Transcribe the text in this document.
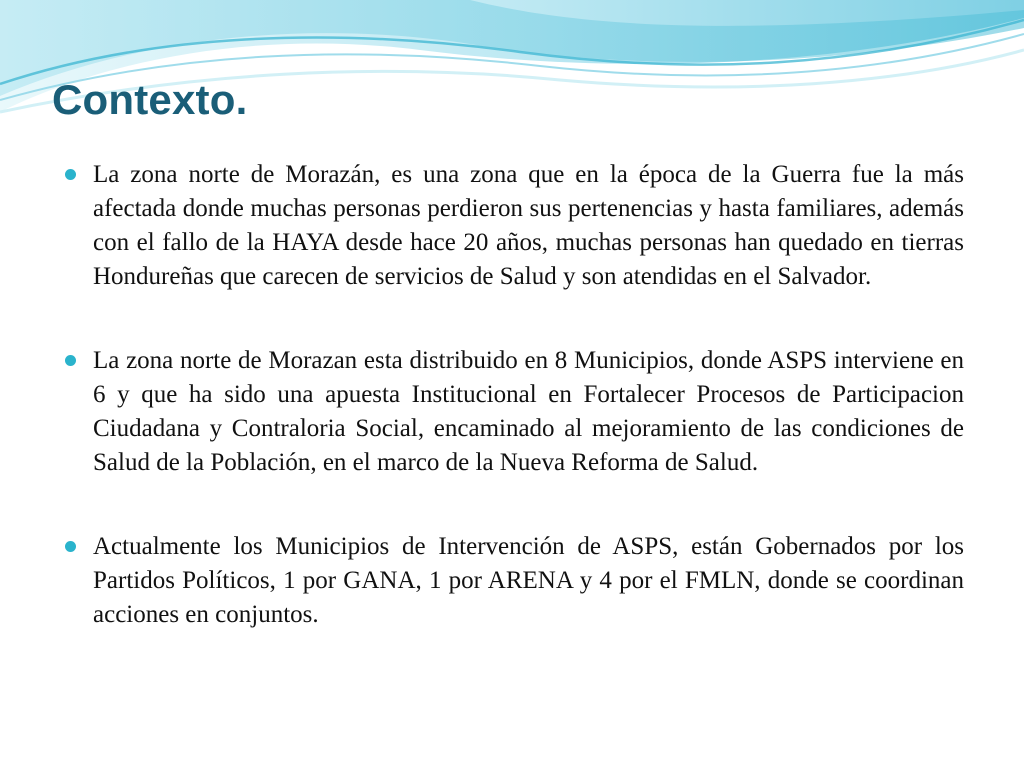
Contexto.
La zona norte de Morazán, es una zona que en la época de la Guerra fue la más afectada donde muchas personas perdieron sus pertenencias y hasta familiares, además con el fallo de la HAYA desde hace 20 años, muchas personas han quedado en tierras Hondureñas que carecen de servicios de Salud y son atendidas en el Salvador.
La zona norte de Morazan esta distribuido en 8 Municipios, donde ASPS interviene en 6 y que ha sido una apuesta Institucional en Fortalecer Procesos de Participacion Ciudadana y Contraloria Social, encaminado al mejoramiento de las condiciones de Salud de la Población, en el marco de la Nueva Reforma de Salud.
Actualmente los Municipios de Intervención de ASPS, están Gobernados por los Partidos Políticos, 1 por GANA, 1 por ARENA y 4 por el FMLN, donde se coordinan acciones en conjuntos.
